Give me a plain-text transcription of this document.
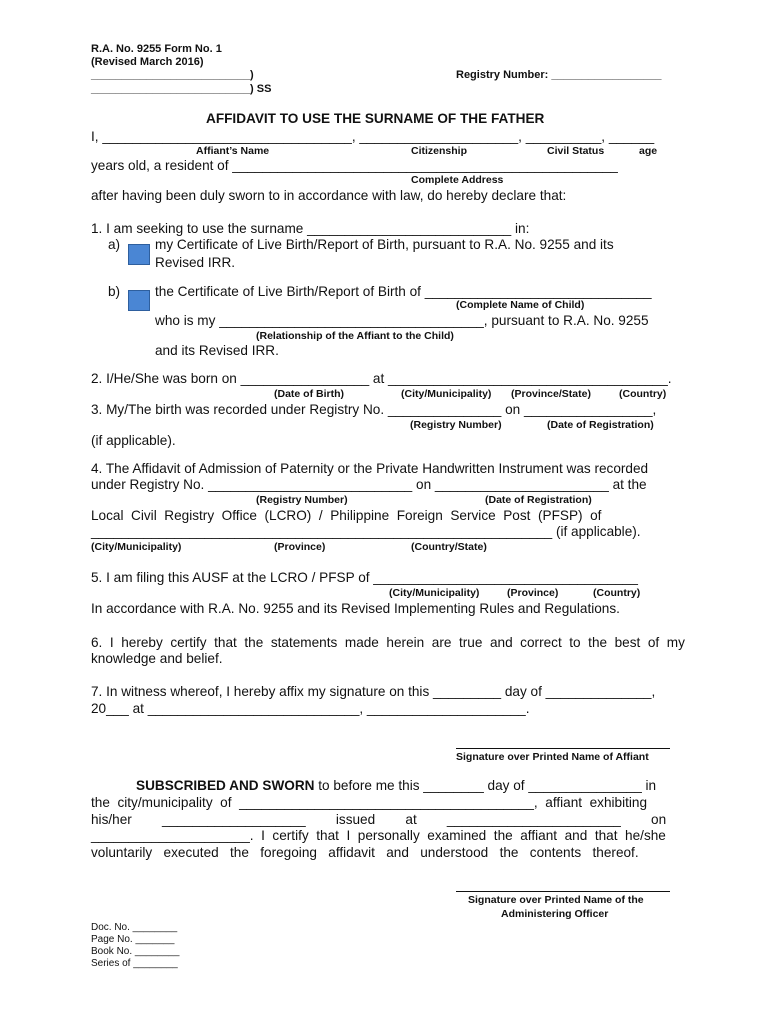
R.A. No. 9255 Form No. 1
(Revised March 2016)
__________________________)
__________________________) SS
Registry Number: __________________
AFFIDAVIT TO USE THE SURNAME OF THE FATHER
I, _________________________________, _____________________, __________, ______
Affiant’s Name	Citizenship	Civil Status	age
years old, a resident of ___________________________________________________
Complete Address
after having been duly sworn to in accordance with law, do hereby declare that:
1. I am seeking to use the surname ___________________________ in:
a)	my Certificate of Live Birth/Report of Birth, pursuant to R.A. No. 9255 and its
Revised IRR.
b)	the Certificate of Live Birth/Report of Birth of ______________________________
(Complete Name of Child)
who is my ___________________________________, pursuant to R.A. No. 9255
(Relationship of the Affiant to the Child)
and its Revised IRR.
2. I/He/She was born on _________________ at _____________________________________.
(Date of Birth)	(City/Municipality) (Province/State)	(Country)
3. My/The birth was recorded under Registry No. _______________ on _________________,
(Registry Number)	(Date of Registration)
(if applicable).
4. The Affidavit of Admission of Paternity or the Private Handwritten Instrument was recorded
under Registry No. ___________________________ on _______________________ at the
(Registry Number)	(Date of Registration)
Local  Civil  Registry  Office  (LCRO)  /  Philippine  Foreign  Service  Post  (PFSP)  of
_____________________________________________________________ (if applicable).
(City/Municipality)	(Province)	(Country/State)
5. I am filing this AUSF at the LCRO / PFSP of ___________________________________
(City/Municipality)	(Province)	(Country)
In accordance with R.A. No. 9255 and its Revised Implementing Rules and Regulations.
6.  I  hereby  certify  that  the  statements  made  herein  are  true  and  correct  to  the  best  of  my
knowledge and belief.
7. In witness whereof, I hereby affix my signature on this _________ day of ______________,
20___ at ____________________________, _____________________.
Signature over Printed Name of Affiant
SUBSCRIBED AND SWORN to before me this ________ day of _______________ in
the  city/municipality  of  _______________________________________,  affiant  exhibiting
his/her        ___________________        issued        at        _______________________        on
_____________________.  I  certify  that  I  personally  examined  the  affiant  and  that  he/she
voluntarily   executed   the   foregoing   affidavit   and   understood   the   contents   thereof.
Signature over Printed Name of the
Administering Officer
Doc. No. ________
Page No. _______
Book No. ________
Series of ________
